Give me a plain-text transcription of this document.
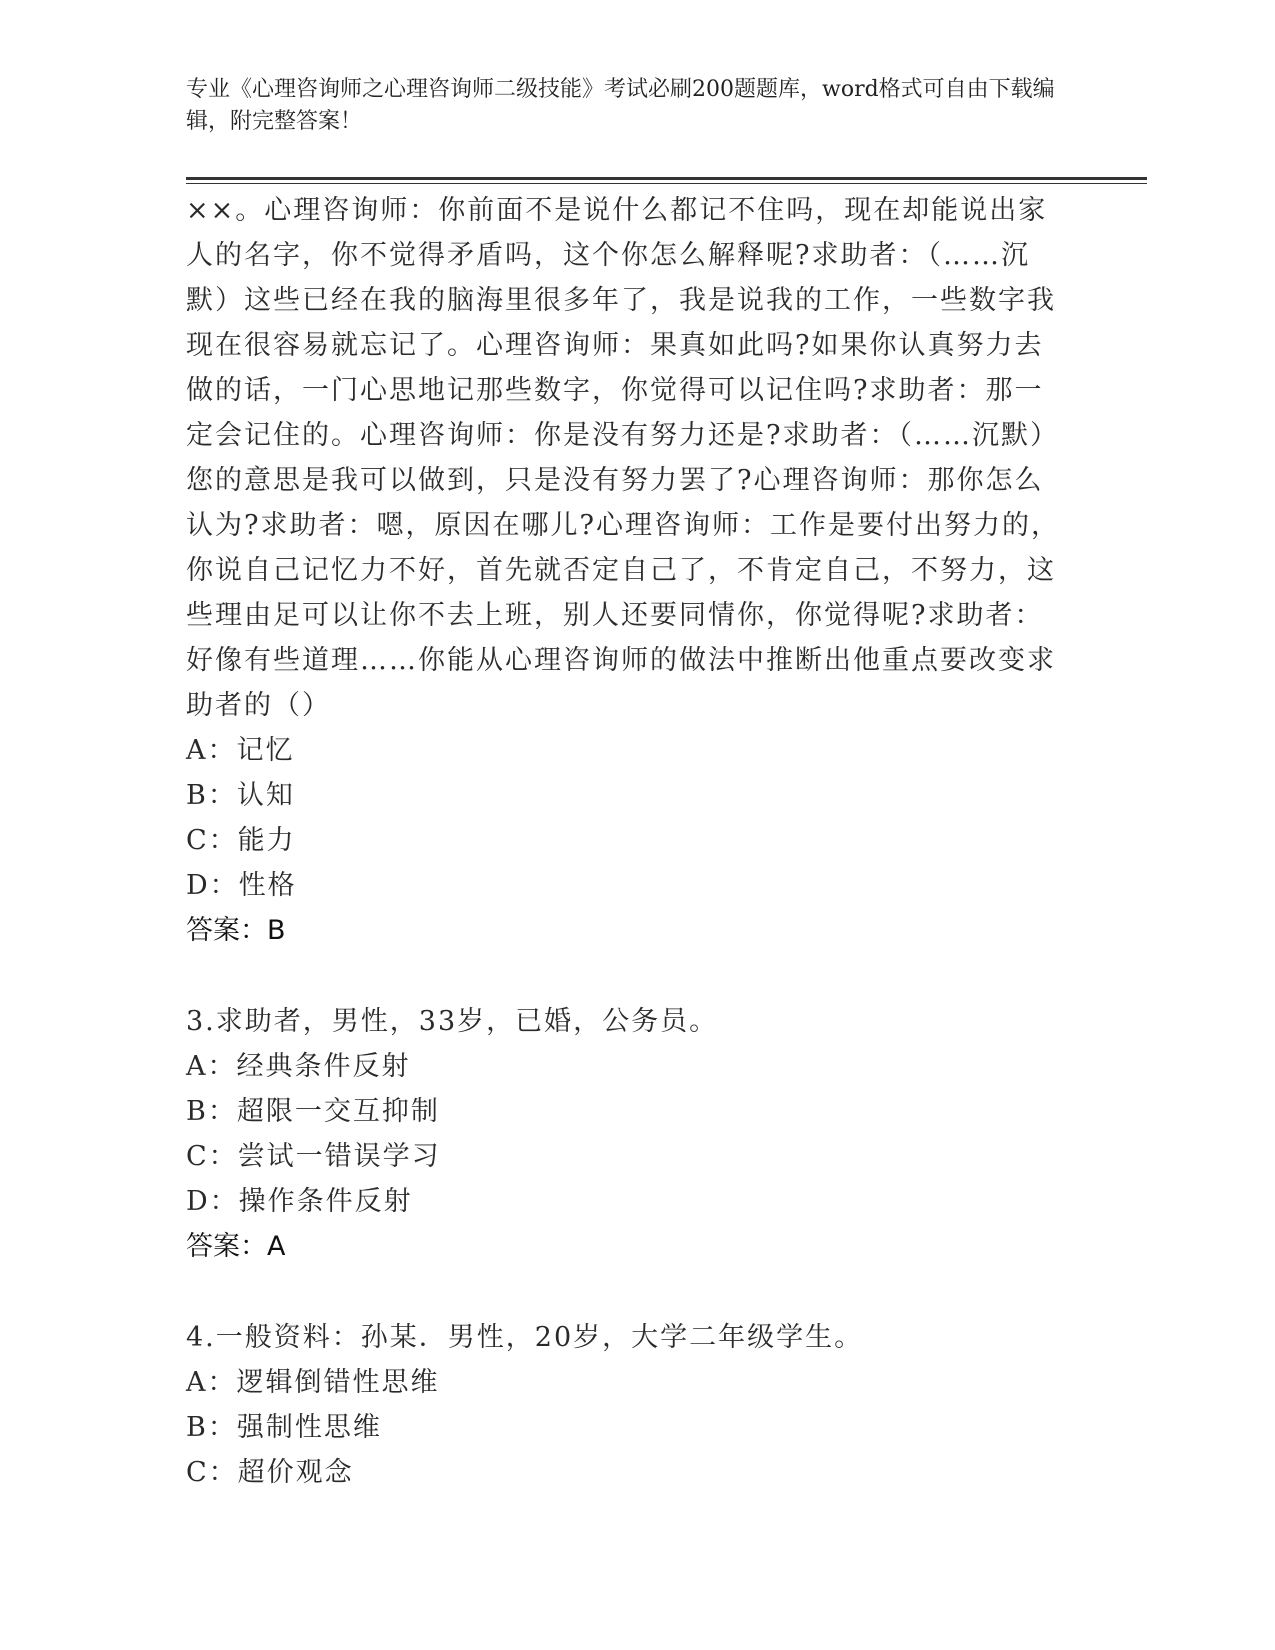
专业《心理咨询师之心理咨询师二级技能》考试必刷200题题库，word格式可自由下载编辑，附完整答案！

××。心理咨询师：你前面不是说什么都记不住吗，现在却能说出家人的名字，你不觉得矛盾吗，这个你怎么解释呢?求助者：（……沉默）这些已经在我的脑海里很多年了，我是说我的工作，一些数字我现在很容易就忘记了。心理咨询师：果真如此吗?如果你认真努力去做的话，一门心思地记那些数字，你觉得可以记住吗?求助者：那一定会记住的。心理咨询师：你是没有努力还是?求助者：（……沉默）您的意思是我可以做到，只是没有努力罢了?心理咨询师：那你怎么认为?求助者：嗯，原因在哪儿?心理咨询师：工作是要付出努力的，你说自己记忆力不好，首先就否定自己了，不肯定自己，不努力，这些理由足可以让你不去上班，别人还要同情你，你觉得呢?求助者：好像有些道理……你能从心理咨询师的做法中推断出他重点要改变求助者的（）

A：记忆
B：认知
C：能力
D：性格
答案：B
3.求助者，男性，33岁，已婚，公务员。
A：经典条件反射
B：超限一交互抑制
C：尝试一错误学习
D：操作条件反射
答案：A
4.一般资料：孙某．男性，20岁，大学二年级学生。
A：逻辑倒错性思维
B：强制性思维
C：超价观念
